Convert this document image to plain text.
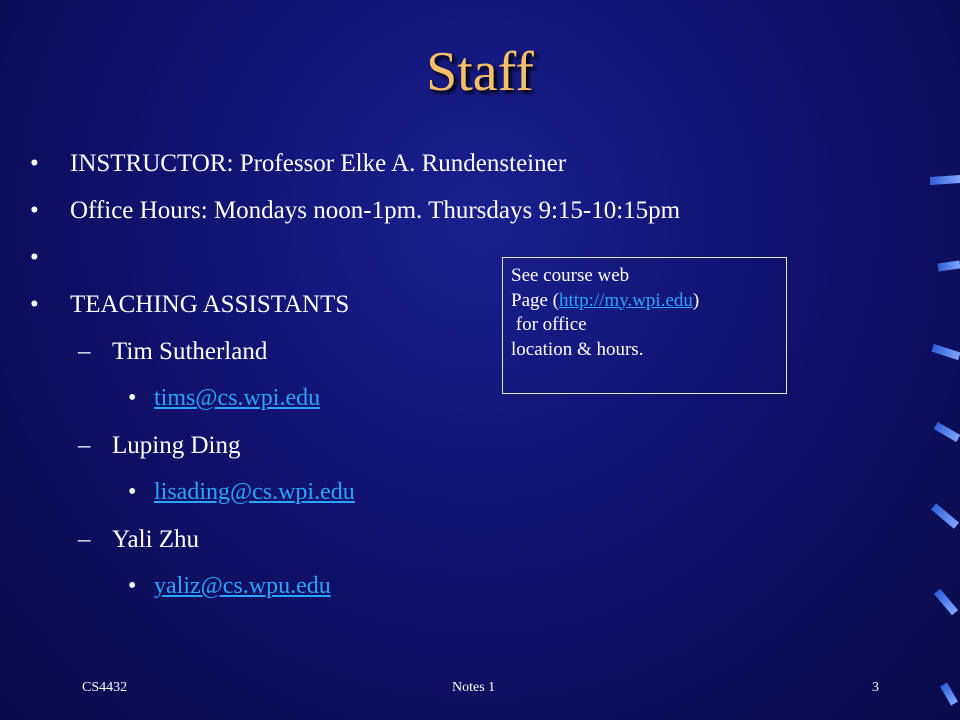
Staff
•	INSTRUCTOR: Professor Elke A. Rundensteiner
•	Office Hours: Mondays noon-1pm. Thursdays 9:15-10:15pm
•
•	TEACHING ASSISTANTS
– Tim Sutherland
• tims@cs.wpi.edu
– Luping Ding
• lisading@cs.wpi.edu
– Yali Zhu
• yaliz@cs.wpu.edu
See course web
Page (http://my.wpi.edu)
for office
location & hours.
CS4432	Notes 1	3
